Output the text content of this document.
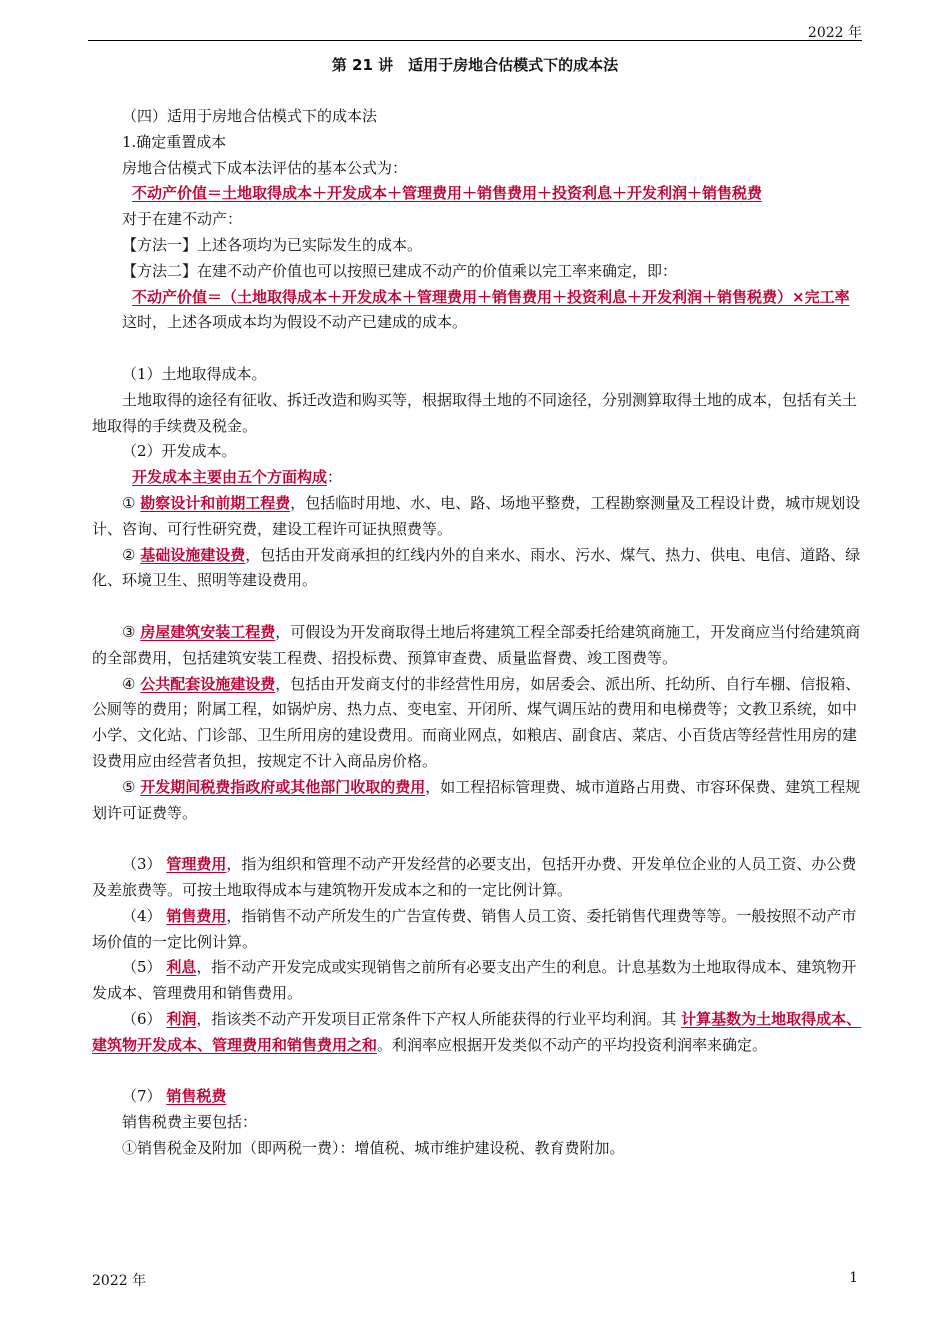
2022 年
第 21 讲　适用于房地合估模式下的成本法

（四）适用于房地合估模式下的成本法

1.确定重置成本

房地合估模式下成本法评估的基本公式为：

不动产价值＝土地取得成本＋开发成本＋管理费用＋销售费用＋投资利息＋开发利润＋销售税费

对于在建不动产：

【方法一】上述各项均为已实际发生的成本。

【方法二】在建不动产价值也可以按照已建成不动产的价值乘以完工率来确定，即：

不动产价值＝（土地取得成本＋开发成本＋管理费用＋销售费用＋投资利息＋开发利润＋销售税费）×完工率

这时，上述各项成本均为假设不动产已建成的成本。

（1）土地取得成本。

土地取得的途径有征收、拆迁改造和购买等，根据取得土地的不同途径，分别测算取得土地的成本，包括有关土地取得的手续费及税金。

（2）开发成本。

开发成本主要由五个方面构成：

① 勘察设计和前期工程费，包括临时用地、水、电、路、场地平整费，工程勘察测量及工程设计费，城市规划设计、咨询、可行性研究费，建设工程许可证执照费等。

② 基础设施建设费，包括由开发商承担的红线内外的自来水、雨水、污水、煤气、热力、供电、电信、道路、绿化、环境卫生、照明等建设费用。

③ 房屋建筑安装工程费，可假设为开发商取得土地后将建筑工程全部委托给建筑商施工，开发商应当付给建筑商的全部费用，包括建筑安装工程费、招投标费、预算审查费、质量监督费、竣工图费等。

④ 公共配套设施建设费，包括由开发商支付的非经营性用房，如居委会、派出所、托幼所、自行车棚、信报箱、公厕等的费用；附属工程，如锅炉房、热力点、变电室、开闭所、煤气调压站的费用和电梯费等；文教卫系统，如中小学、文化站、门诊部、卫生所用房的建设费用。而商业网点，如粮店、副食店、菜店、小百货店等经营性用房的建设费用应由经营者负担，按规定不计入商品房价格。

⑤ 开发期间税费指政府或其他部门收取的费用，如工程招标管理费、城市道路占用费、市容环保费、建筑工程规划许可证费等。

（3） 管理费用，指为组织和管理不动产开发经营的必要支出，包括开办费、开发单位企业的人员工资、办公费及差旅费等。可按土地取得成本与建筑物开发成本之和的一定比例计算。

（4） 销售费用，指销售不动产所发生的广告宣传费、销售人员工资、委托销售代理费等等。一般按照不动产市场价值的一定比例计算。

（5） 利息，指不动产开发完成或实现销售之前所有必要支出产生的利息。计息基数为土地取得成本、建筑物开发成本、管理费用和销售费用。

（6） 利润，指该类不动产开发项目正常条件下产权人所能获得的行业平均利润。其 计算基数为土地取得成本、建筑物开发成本、管理费用和销售费用之和。利润率应根据开发类似不动产的平均投资利润率来确定。

（7） 销售税费

销售税费主要包括：

①销售税金及附加（即两税一费）：增值税、城市维护建设税、教育费附加。

2022 年	1
